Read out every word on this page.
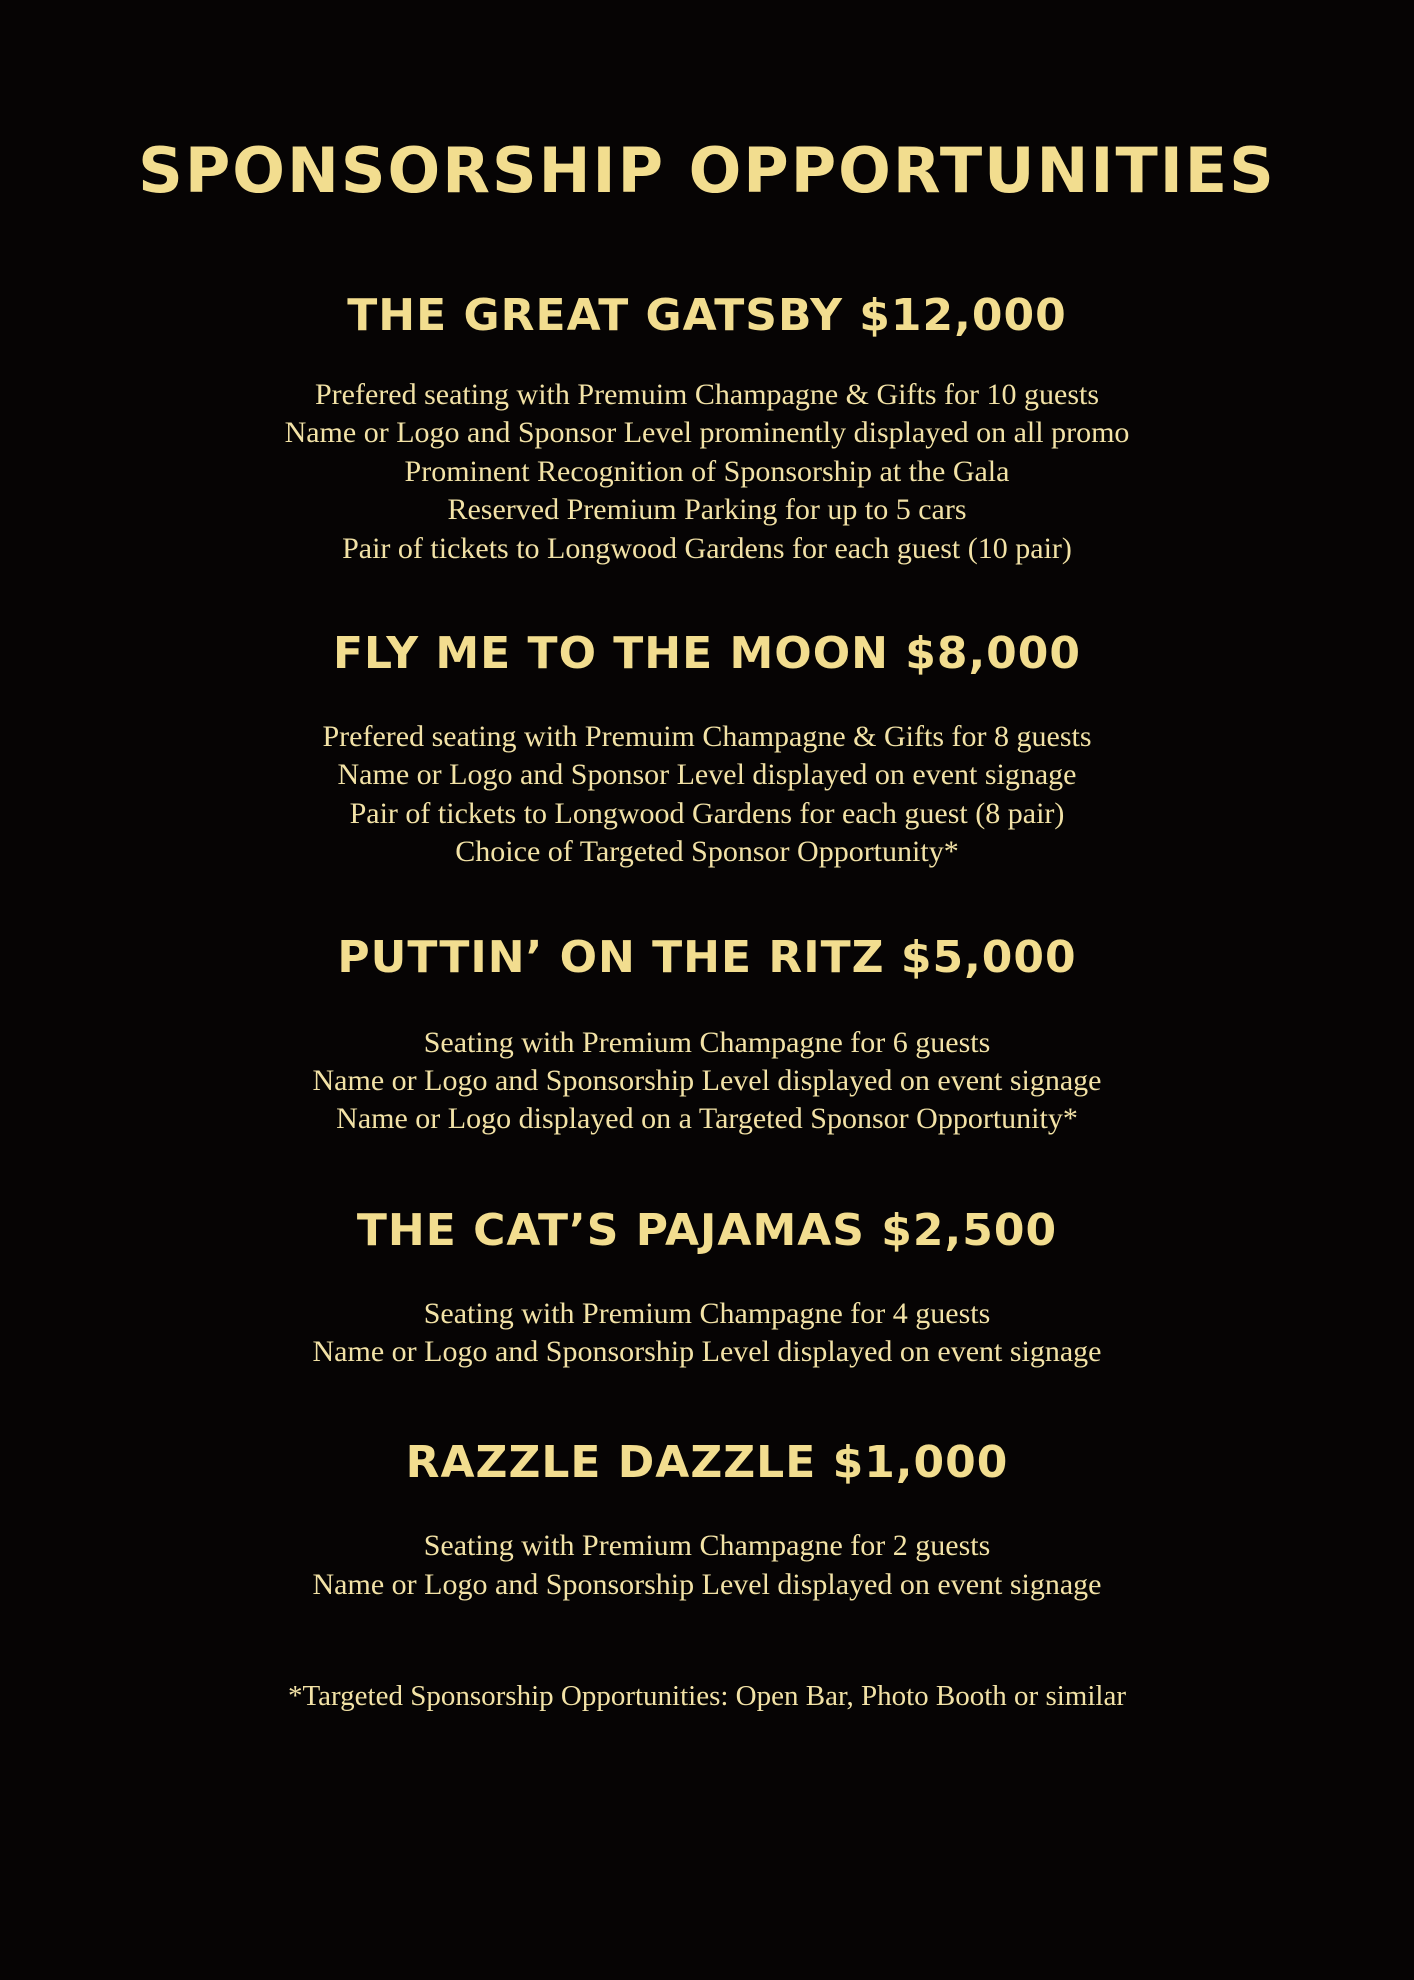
SPONSORSHIP OPPORTUNITIES
THE GREAT GATSBY $12,000
Prefered seating with Premuim Champagne & Gifts for 10 guests
Name or Logo and Sponsor Level prominently displayed on all promo
Prominent Recognition of Sponsorship at the Gala
Reserved Premium Parking for up to 5 cars
Pair of tickets to Longwood Gardens for each guest (10 pair)
FLY ME TO THE MOON $8,000
Prefered seating with Premuim Champagne & Gifts for 8 guests
Name or Logo and Sponsor Level displayed on event signage
Pair of tickets to Longwood Gardens for each guest (8 pair)
Choice of Targeted Sponsor Opportunity*
PUTTIN’ ON THE RITZ $5,000
Seating with Premium Champagne for 6 guests
Name or Logo and Sponsorship Level displayed on event signage
Name or Logo displayed on a Targeted Sponsor Opportunity*
THE CAT’S PAJAMAS $2,500
Seating with Premium Champagne for 4 guests
Name or Logo and Sponsorship Level displayed on event signage
RAZZLE DAZZLE $1,000
Seating with Premium Champagne for 2 guests
Name or Logo and Sponsorship Level displayed on event signage
*Targeted Sponsorship Opportunities: Open Bar, Photo Booth or similar
